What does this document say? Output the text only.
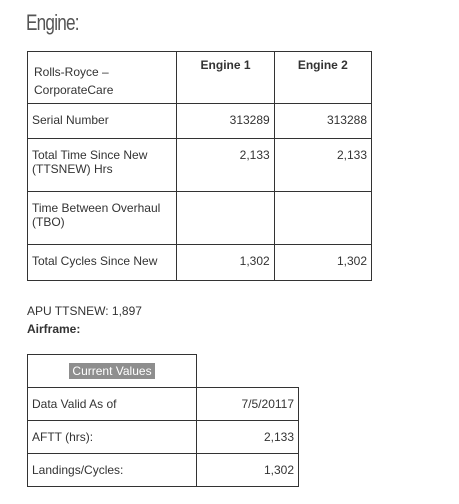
Engine:
Rolls-Royce – CorporateCare	Engine 1	Engine 2
Serial Number	313289	313288
Total Time Since New (TTSNEW) Hrs	2,133	2,133
Time Between Overhaul (TBO)		
Total Cycles Since New	1,302	1,302
APU TTSNEW: 1,897
Airframe:
Current Values	
Data Valid As of	7/5/20117
AFTT (hrs):	2,133
Landings/Cycles:	1,302
